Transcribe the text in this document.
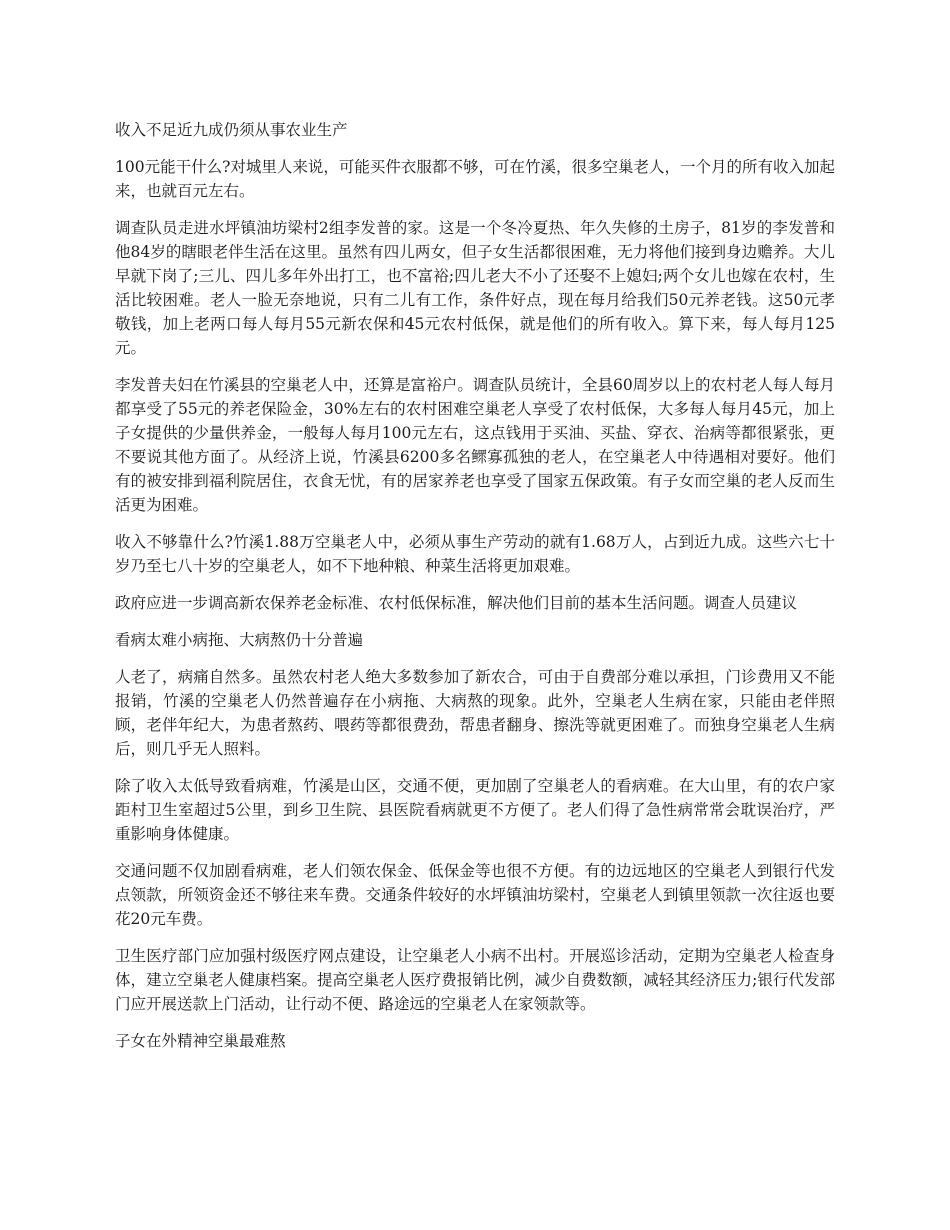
收入不足近九成仍须从事农业生产

100元能干什么?对城里人来说，可能买件衣服都不够，可在竹溪，很多空巢老人，一个月的所有收入加起来，也就百元左右。

调查队员走进水坪镇油坊梁村2组李发普的家。这是一个冬冷夏热、年久失修的土房子，81岁的李发普和他84岁的瞎眼老伴生活在这里。虽然有四儿两女，但子女生活都很困难，无力将他们接到身边赡养。大儿早就下岗了;三儿、四儿多年外出打工，也不富裕;四儿老大不小了还娶不上媳妇;两个女儿也嫁在农村，生活比较困难。老人一脸无奈地说，只有二儿有工作，条件好点，现在每月给我们50元养老钱。这50元孝敬钱，加上老两口每人每月55元新农保和45元农村低保，就是他们的所有收入。算下来，每人每月125元。

李发普夫妇在竹溪县的空巢老人中，还算是富裕户。调查队员统计，全县60周岁以上的农村老人每人每月都享受了55元的养老保险金，30%左右的农村困难空巢老人享受了农村低保，大多每人每月45元，加上子女提供的少量供养金，一般每人每月100元左右，这点钱用于买油、买盐、穿衣、治病等都很紧张，更不要说其他方面了。从经济上说，竹溪县6200多名鳏寡孤独的老人，在空巢老人中待遇相对要好。他们有的被安排到福利院居住，衣食无忧，有的居家养老也享受了国家五保政策。有子女而空巢的老人反而生活更为困难。

收入不够靠什么?竹溪1.88万空巢老人中，必须从事生产劳动的就有1.68万人，占到近九成。这些六七十岁乃至七八十岁的空巢老人，如不下地种粮、种菜生活将更加艰难。

政府应进一步调高新农保养老金标准、农村低保标准，解决他们目前的基本生活问题。调查人员建议

看病太难小病拖、大病熬仍十分普遍

人老了，病痛自然多。虽然农村老人绝大多数参加了新农合，可由于自费部分难以承担，门诊费用又不能报销，竹溪的空巢老人仍然普遍存在小病拖、大病熬的现象。此外，空巢老人生病在家，只能由老伴照顾，老伴年纪大，为患者熬药、喂药等都很费劲，帮患者翻身、擦洗等就更困难了。而独身空巢老人生病后，则几乎无人照料。

除了收入太低导致看病难，竹溪是山区，交通不便，更加剧了空巢老人的看病难。在大山里，有的农户家距村卫生室超过5公里，到乡卫生院、县医院看病就更不方便了。老人们得了急性病常常会耽误治疗，严重影响身体健康。

交通问题不仅加剧看病难，老人们领农保金、低保金等也很不方便。有的边远地区的空巢老人到银行代发点领款，所领资金还不够往来车费。交通条件较好的水坪镇油坊梁村，空巢老人到镇里领款一次往返也要花20元车费。

卫生医疗部门应加强村级医疗网点建设，让空巢老人小病不出村。开展巡诊活动，定期为空巢老人检查身体，建立空巢老人健康档案。提高空巢老人医疗费报销比例，减少自费数额，减轻其经济压力;银行代发部门应开展送款上门活动，让行动不便、路途远的空巢老人在家领款等。

子女在外精神空巢最难熬
